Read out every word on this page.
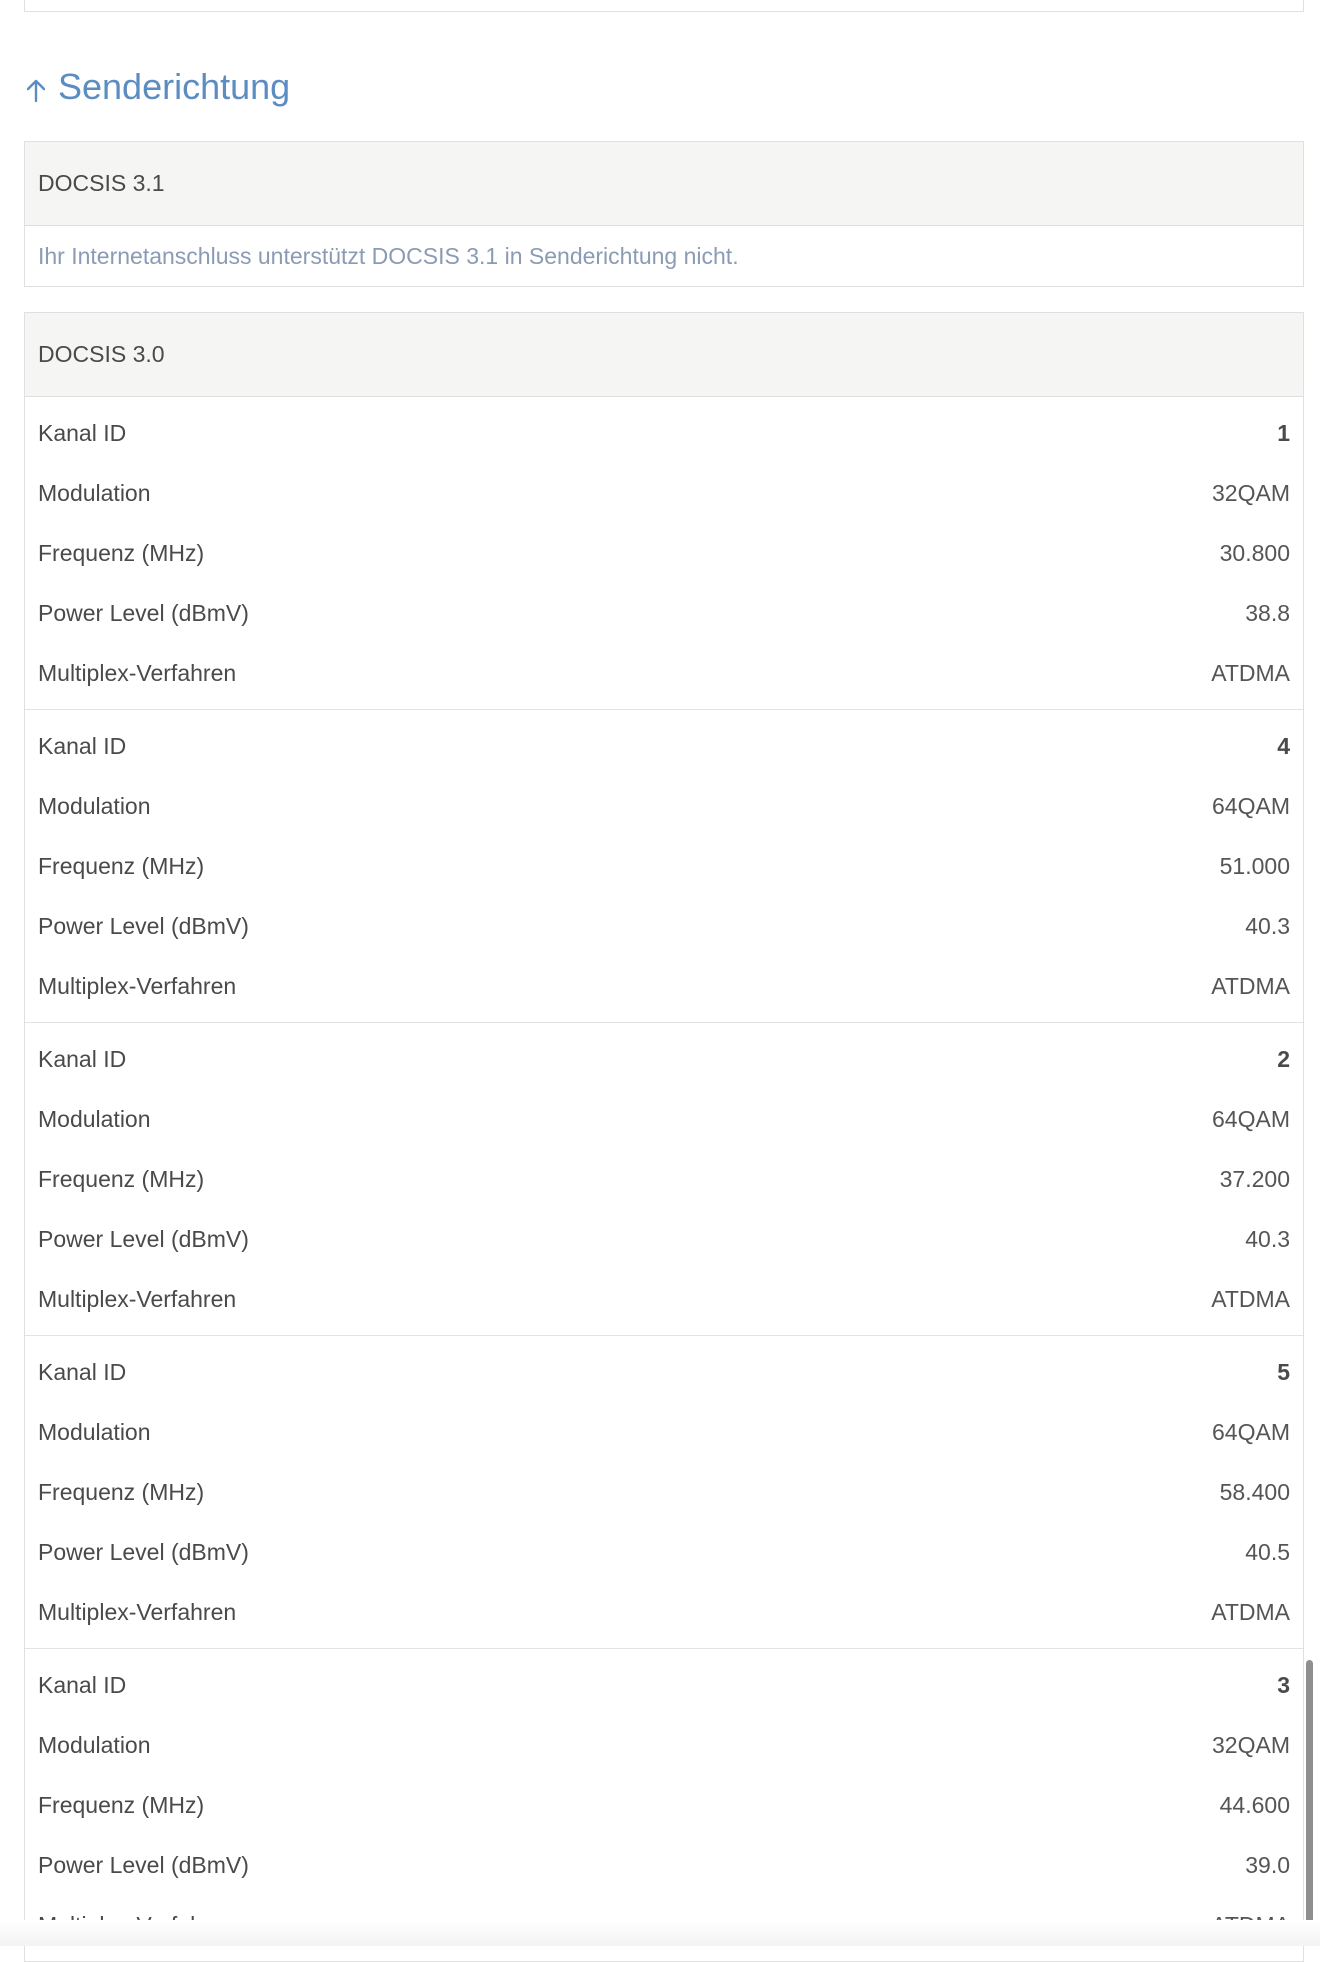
Senderichtung
DOCSIS 3.1
Ihr Internetanschluss unterstützt DOCSIS 3.1 in Senderichtung nicht.
DOCSIS 3.0
Kanal ID	1
Modulation	32QAM
Frequenz (MHz)	30.800
Power Level (dBmV)	38.8
Multiplex-Verfahren	ATDMA
Kanal ID	4
Modulation	64QAM
Frequenz (MHz)	51.000
Power Level (dBmV)	40.3
Multiplex-Verfahren	ATDMA
Kanal ID	2
Modulation	64QAM
Frequenz (MHz)	37.200
Power Level (dBmV)	40.3
Multiplex-Verfahren	ATDMA
Kanal ID	5
Modulation	64QAM
Frequenz (MHz)	58.400
Power Level (dBmV)	40.5
Multiplex-Verfahren	ATDMA
Kanal ID	3
Modulation	32QAM
Frequenz (MHz)	44.600
Power Level (dBmV)	39.0
